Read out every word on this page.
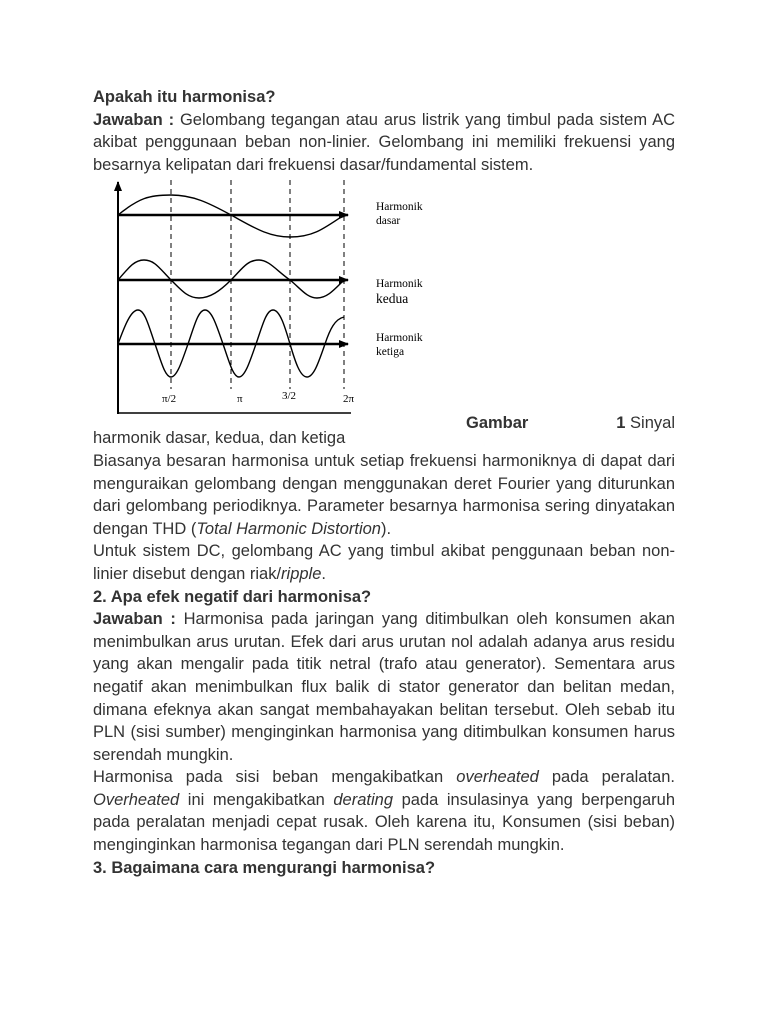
Apakah itu harmonisa?

Jawaban : Gelombang tegangan atau arus listrik yang timbul pada sistem AC akibat penggunaan beban non-linier. Gelombang ini memiliki frekuensi yang besarnya kelipatan dari frekuensi dasar/fundamental sistem.

Harmonik
dasar
Harmonik
kedua
Harmonik
ketiga
π/2	π	3/2	2π
Gambar	1 Sinyal

harmonik dasar, kedua, dan ketiga

Biasanya besaran harmonisa untuk setiap frekuensi harmoniknya di dapat dari menguraikan gelombang dengan menggunakan deret Fourier yang diturunkan dari gelombang periodiknya. Parameter besarnya harmonisa sering dinyatakan dengan THD (Total Harmonic Distortion).

Untuk sistem DC, gelombang AC yang timbul akibat penggunaan beban non-linier disebut dengan riak/ripple.

2. Apa efek negatif dari harmonisa?

Jawaban : Harmonisa pada jaringan yang ditimbulkan oleh konsumen akan menimbulkan arus urutan. Efek dari arus urutan nol adalah adanya arus residu yang akan mengalir pada titik netral (trafo atau generator). Sementara arus negatif akan menimbulkan flux balik di stator generator dan belitan medan, dimana efeknya akan sangat membahayakan belitan tersebut. Oleh sebab itu PLN (sisi sumber) menginginkan harmonisa yang ditimbulkan konsumen harus serendah mungkin.

Harmonisa pada sisi beban mengakibatkan overheated pada peralatan. Overheated ini mengakibatkan derating pada insulasinya yang berpengaruh pada peralatan menjadi cepat rusak. Oleh karena itu, Konsumen (sisi beban) menginginkan harmonisa tegangan dari PLN serendah mungkin.

3. Bagaimana cara mengurangi harmonisa?
